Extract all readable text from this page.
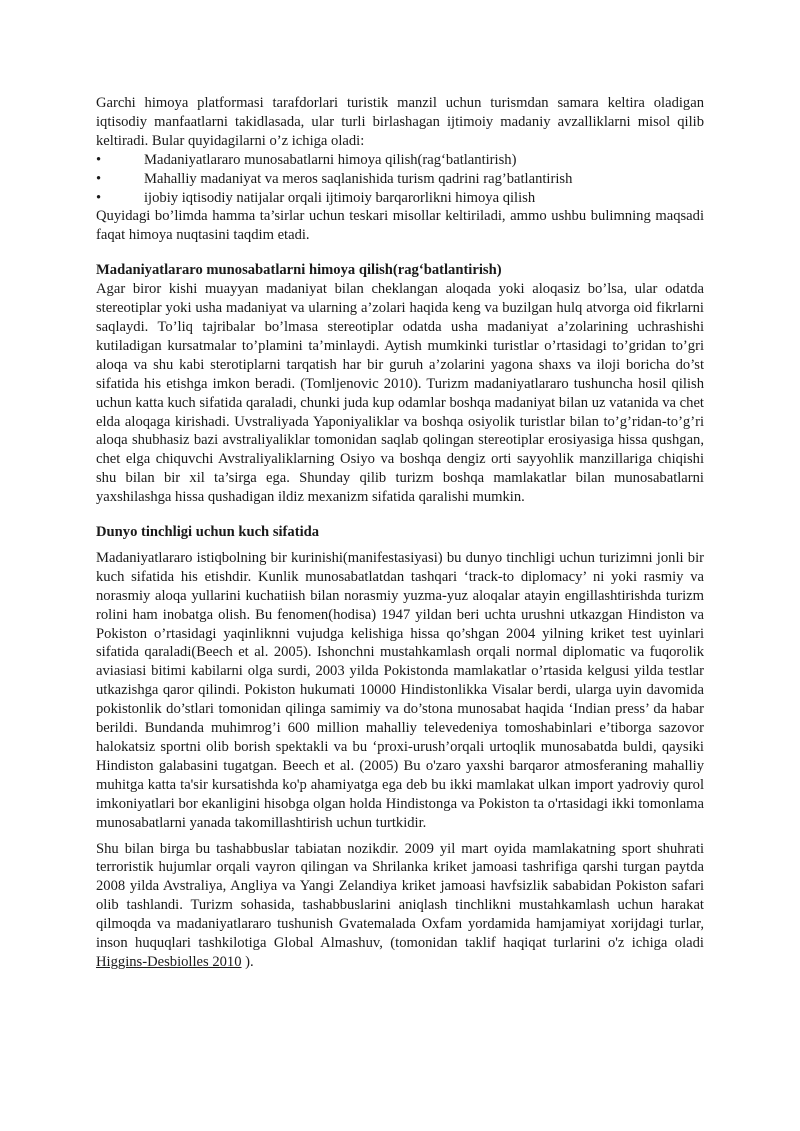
Garchi himoya platformasi tarafdorlari turistik manzil uchun turismdan samara keltira oladigan iqtisodiy manfaatlarni takidlasada, ular turli birlashagan ijtimoiy madaniy avzalliklarni misol qilib keltiradi. Bular quyidagilarni o’z ichiga oladi:

•	Madaniyatlararo munosabatlarni himoya qilish(rag‘batlantirish)
•	Mahalliy madaniyat va meros saqlanishida turism qadrini rag’batlantirish
•	ijobiy iqtisodiy natijalar orqali ijtimoiy barqarorlikni himoya qilish

Quyidagi bo’limda hamma ta’sirlar uchun teskari misollar keltiriladi, ammo ushbu bulimning maqsadi faqat himoya nuqtasini taqdim etadi.

Madaniyatlararo munosabatlarni himoya qilish(rag‘batlantirish)

Agar biror kishi muayyan madaniyat bilan cheklangan aloqada yoki aloqasiz bo’lsa, ular odatda stereotiplar yoki usha madaniyat va ularning a’zolari haqida keng va buzilgan hulq atvorga oid fikrlarni saqlaydi. To’liq tajribalar bo’lmasa stereotiplar odatda usha madaniyat a’zolarining uchrashishi kutiladigan kursatmalar to’plamini ta’minlaydi. Aytish mumkinki turistlar o’rtasidagi to’gridan to’gri aloqa va shu kabi sterotiplarni tarqatish har bir guruh a’zolarini yagona shaxs va iloji boricha do’st sifatida his etishga imkon beradi. (Tomljenovic 2010). Turizm madaniyatlararo tushuncha hosil qilish uchun katta kuch sifatida qaraladi, chunki juda kup odamlar boshqa madaniyat bilan uz vatanida va chet elda aloqaga kirishadi. Uvstraliyada Yaponiyaliklar va boshqa osiyolik turistlar bilan to’g’ridan-to’g’ri aloqa shubhasiz bazi avstraliyaliklar tomonidan saqlab qolingan stereotiplar erosiyasiga hissa qushgan, chet elga chiquvchi Avstraliyaliklarning Osiyo va boshqa dengiz orti sayyohlik manzillariga chiqishi shu bilan bir xil ta’sirga ega. Shunday qilib turizm boshqa mamlakatlar bilan munosabatlarni yaxshilashga hissa qushadigan ildiz mexanizm sifatida qaralishi mumkin.

Dunyo tinchligi uchun kuch sifatida

Madaniyatlararo istiqbolning bir kurinishi(manifestasiyasi) bu dunyo tinchligi uchun turizimni jonli bir kuch sifatida his etishdir. Kunlik munosabatlatdan tashqari ‘track-to diplomacy’ ni yoki rasmiy va norasmiy aloqa yullarini kuchatiish bilan norasmiy yuzma-yuz aloqalar atayin engillashtirishda turizm rolini ham inobatga olish. Bu fenomen(hodisa) 1947 yildan beri uchta urushni utkazgan Hindiston va Pokiston o’rtasidagi yaqinliknni vujudga kelishiga hissa qo’shgan 2004 yilning kriket test uyinlari sifatida qaraladi(Beech et al. 2005). Ishonchni mustahkamlash orqali normal diplomatic va fuqorolik aviasiasi bitimi kabilarni olga surdi, 2003 yilda Pokistonda mamlakatlar o’rtasida kelgusi yilda testlar utkazishga qaror qilindi. Pokiston hukumati 10000 Hindistonlikka Visalar berdi, ularga uyin davomida pokistonlik do’stlari tomonidan qilinga samimiy va do’stona munosabat haqida ‘Indian press’ da habar berildi. Bundanda muhimrog’i 600 million mahalliy televedeniya tomoshabinlari e’tiborga sazovor halokatsiz sportni olib borish spektakli va bu ‘proxi-urush’orqali urtoqlik munosabatda buldi, qaysiki Hindiston galabasini tugatgan. Beech et al. (2005) Bu o'zaro yaxshi barqaror atmosferaning mahalliy muhitga katta ta'sir kursatishda ko'p ahamiyatga ega deb bu ikki mamlakat ulkan import yadroviy qurol imkoniyatlari bor ekanligini hisobga olgan holda Hindistonga va Pokiston ta o'rtasidagi ikki tomonlama munosabatlarni yanada takomillashtirish uchun turtkidir.

Shu bilan birga bu tashabbuslar tabiatan nozikdir. 2009 yil mart oyida mamlakatning sport shuhrati terroristik hujumlar orqali vayron qilingan va Shrilanka kriket jamoasi tashrifiga qarshi turgan paytda 2008 yilda Avstraliya, Angliya va Yangi Zelandiya kriket jamoasi havfsizlik sababidan Pokiston safari olib tashlandi. Turizm sohasida, tashabbuslarini aniqlash tinchlikni mustahkamlash uchun harakat qilmoqda va madaniyatlararo tushunish Gvatemalada Oxfam yordamida hamjamiyat xorijdagi turlar, inson huquqlari tashkilotiga Global Almashuv, (tomonidan taklif haqiqat turlarini o'z ichiga oladi Higgins-Desbiolles 2010 ).
